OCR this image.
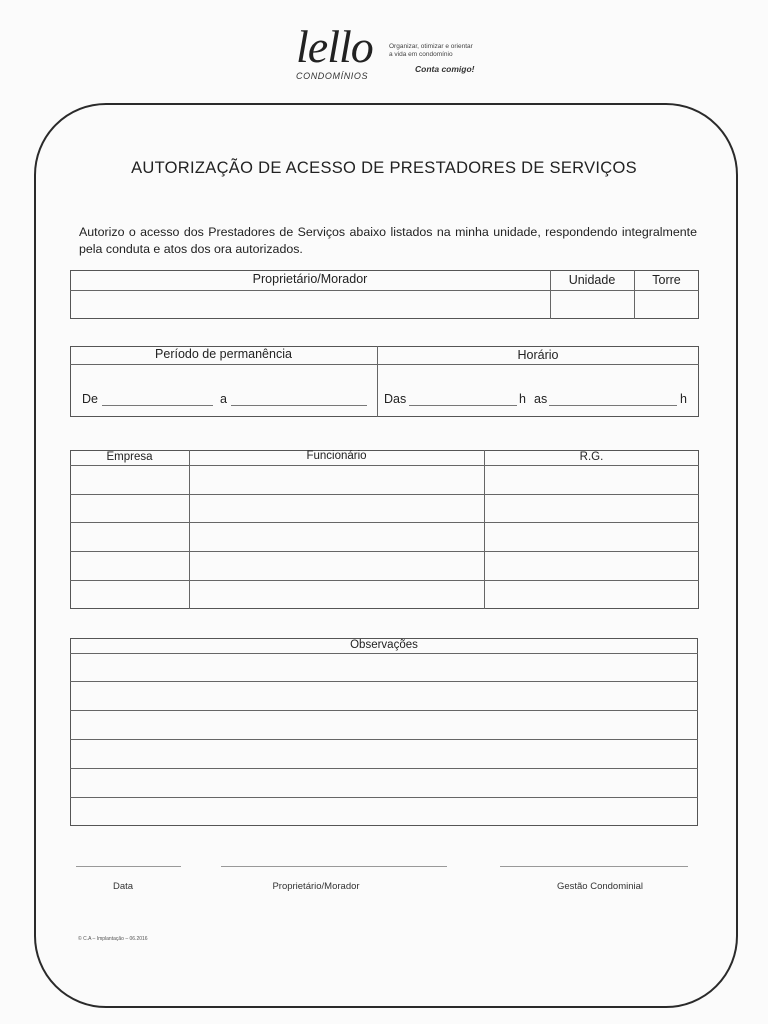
lello
CONDOMÍNIOS
Organizar, otimizar e orientar
a vida em condomínio
Conta comigo!
AUTORIZAÇÃO DE ACESSO DE PRESTADORES DE SERVIÇOS
Autorizo o acesso dos Prestadores de Serviços abaixo listados na minha unidade, respondendo integralmente pela conduta e atos dos ora autorizados.
Proprietário/Morador	Unidade	Torre
Período de permanência	Horário
De	a	Das	h as	h
Empresa	Funcionário	R.G.
Observações
Data	Proprietário/Morador	Gestão Condominial
© C.A – Implantação – 06.2016
